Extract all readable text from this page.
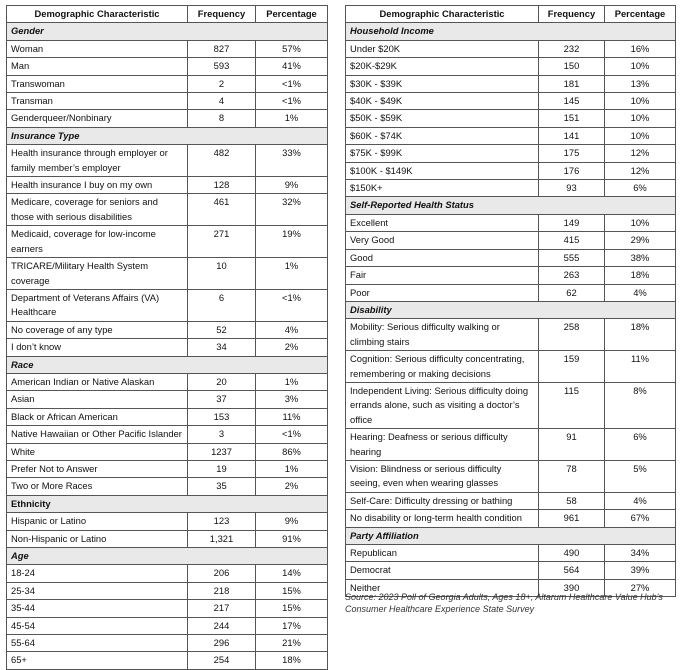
Demographic Characteristic	Frequency	Percentage
Gender		
Woman	827	57%
Man	593	41%
Transwoman	2	<1%
Transman	4	<1%
Genderqueer/Nonbinary	8	1%
Insurance Type		
Health insurance through employer or family member’s employer	482	33%
Health insurance I buy on my own	128	9%
Medicare, coverage for seniors and those with serious disabilities	461	32%
Medicaid, coverage for low-income earners	271	19%
TRICARE/Military Health System coverage	10	1%
Department of Veterans Affairs (VA) Healthcare	6	<1%
No coverage of any type	52	4%
I don’t know	34	2%
Race		
American Indian or Native Alaskan	20	1%
Asian	37	3%
Black or African American	153	11%
Native Hawaiian or Other Pacific Islander	3	<1%
White	1237	86%
Prefer Not to Answer	19	1%
Two or More Races	35	2%
Ethnicity		
Hispanic or Latino	123	9%
Non-Hispanic or Latino	1,321	91%
Age		
18-24	206	14%
25-34	218	15%
35-44	217	15%
45-54	244	17%
55-64	296	21%
65+	254	18%
Demographic Characteristic	Frequency	Percentage
Household Income		
Under $20K	232	16%
$20K-$29K	150	10%
$30K - $39K	181	13%
$40K - $49K	145	10%
$50K - $59K	151	10%
$60K - $74K	141	10%
$75K - $99K	175	12%
$100K - $149K	176	12%
$150K+	93	6%
Self-Reported Health Status		
Excellent	149	10%
Very Good	415	29%
Good	555	38%
Fair	263	18%
Poor	62	4%
Disability		
Mobility: Serious difficulty walking or climbing stairs	258	18%
Cognition: Serious difficulty concentrating, remembering or making decisions	159	11%
Independent Living: Serious difficulty doing errands alone, such as visiting a doctor’s office	115	8%
Hearing: Deafness or serious difficulty hearing	91	6%
Vision: Blindness or serious difficulty seeing, even when wearing glasses	78	5%
Self-Care: Difficulty dressing or bathing	58	4%
No disability or long-term health condition	961	67%
Party Affiliation		
Republican	490	34%
Democrat	564	39%
Neither	390	27%
Source: 2023 Poll of Georgia Adults, Ages 18+, Altarum Healthcare Value Hub’s Consumer Healthcare Experience State Survey
